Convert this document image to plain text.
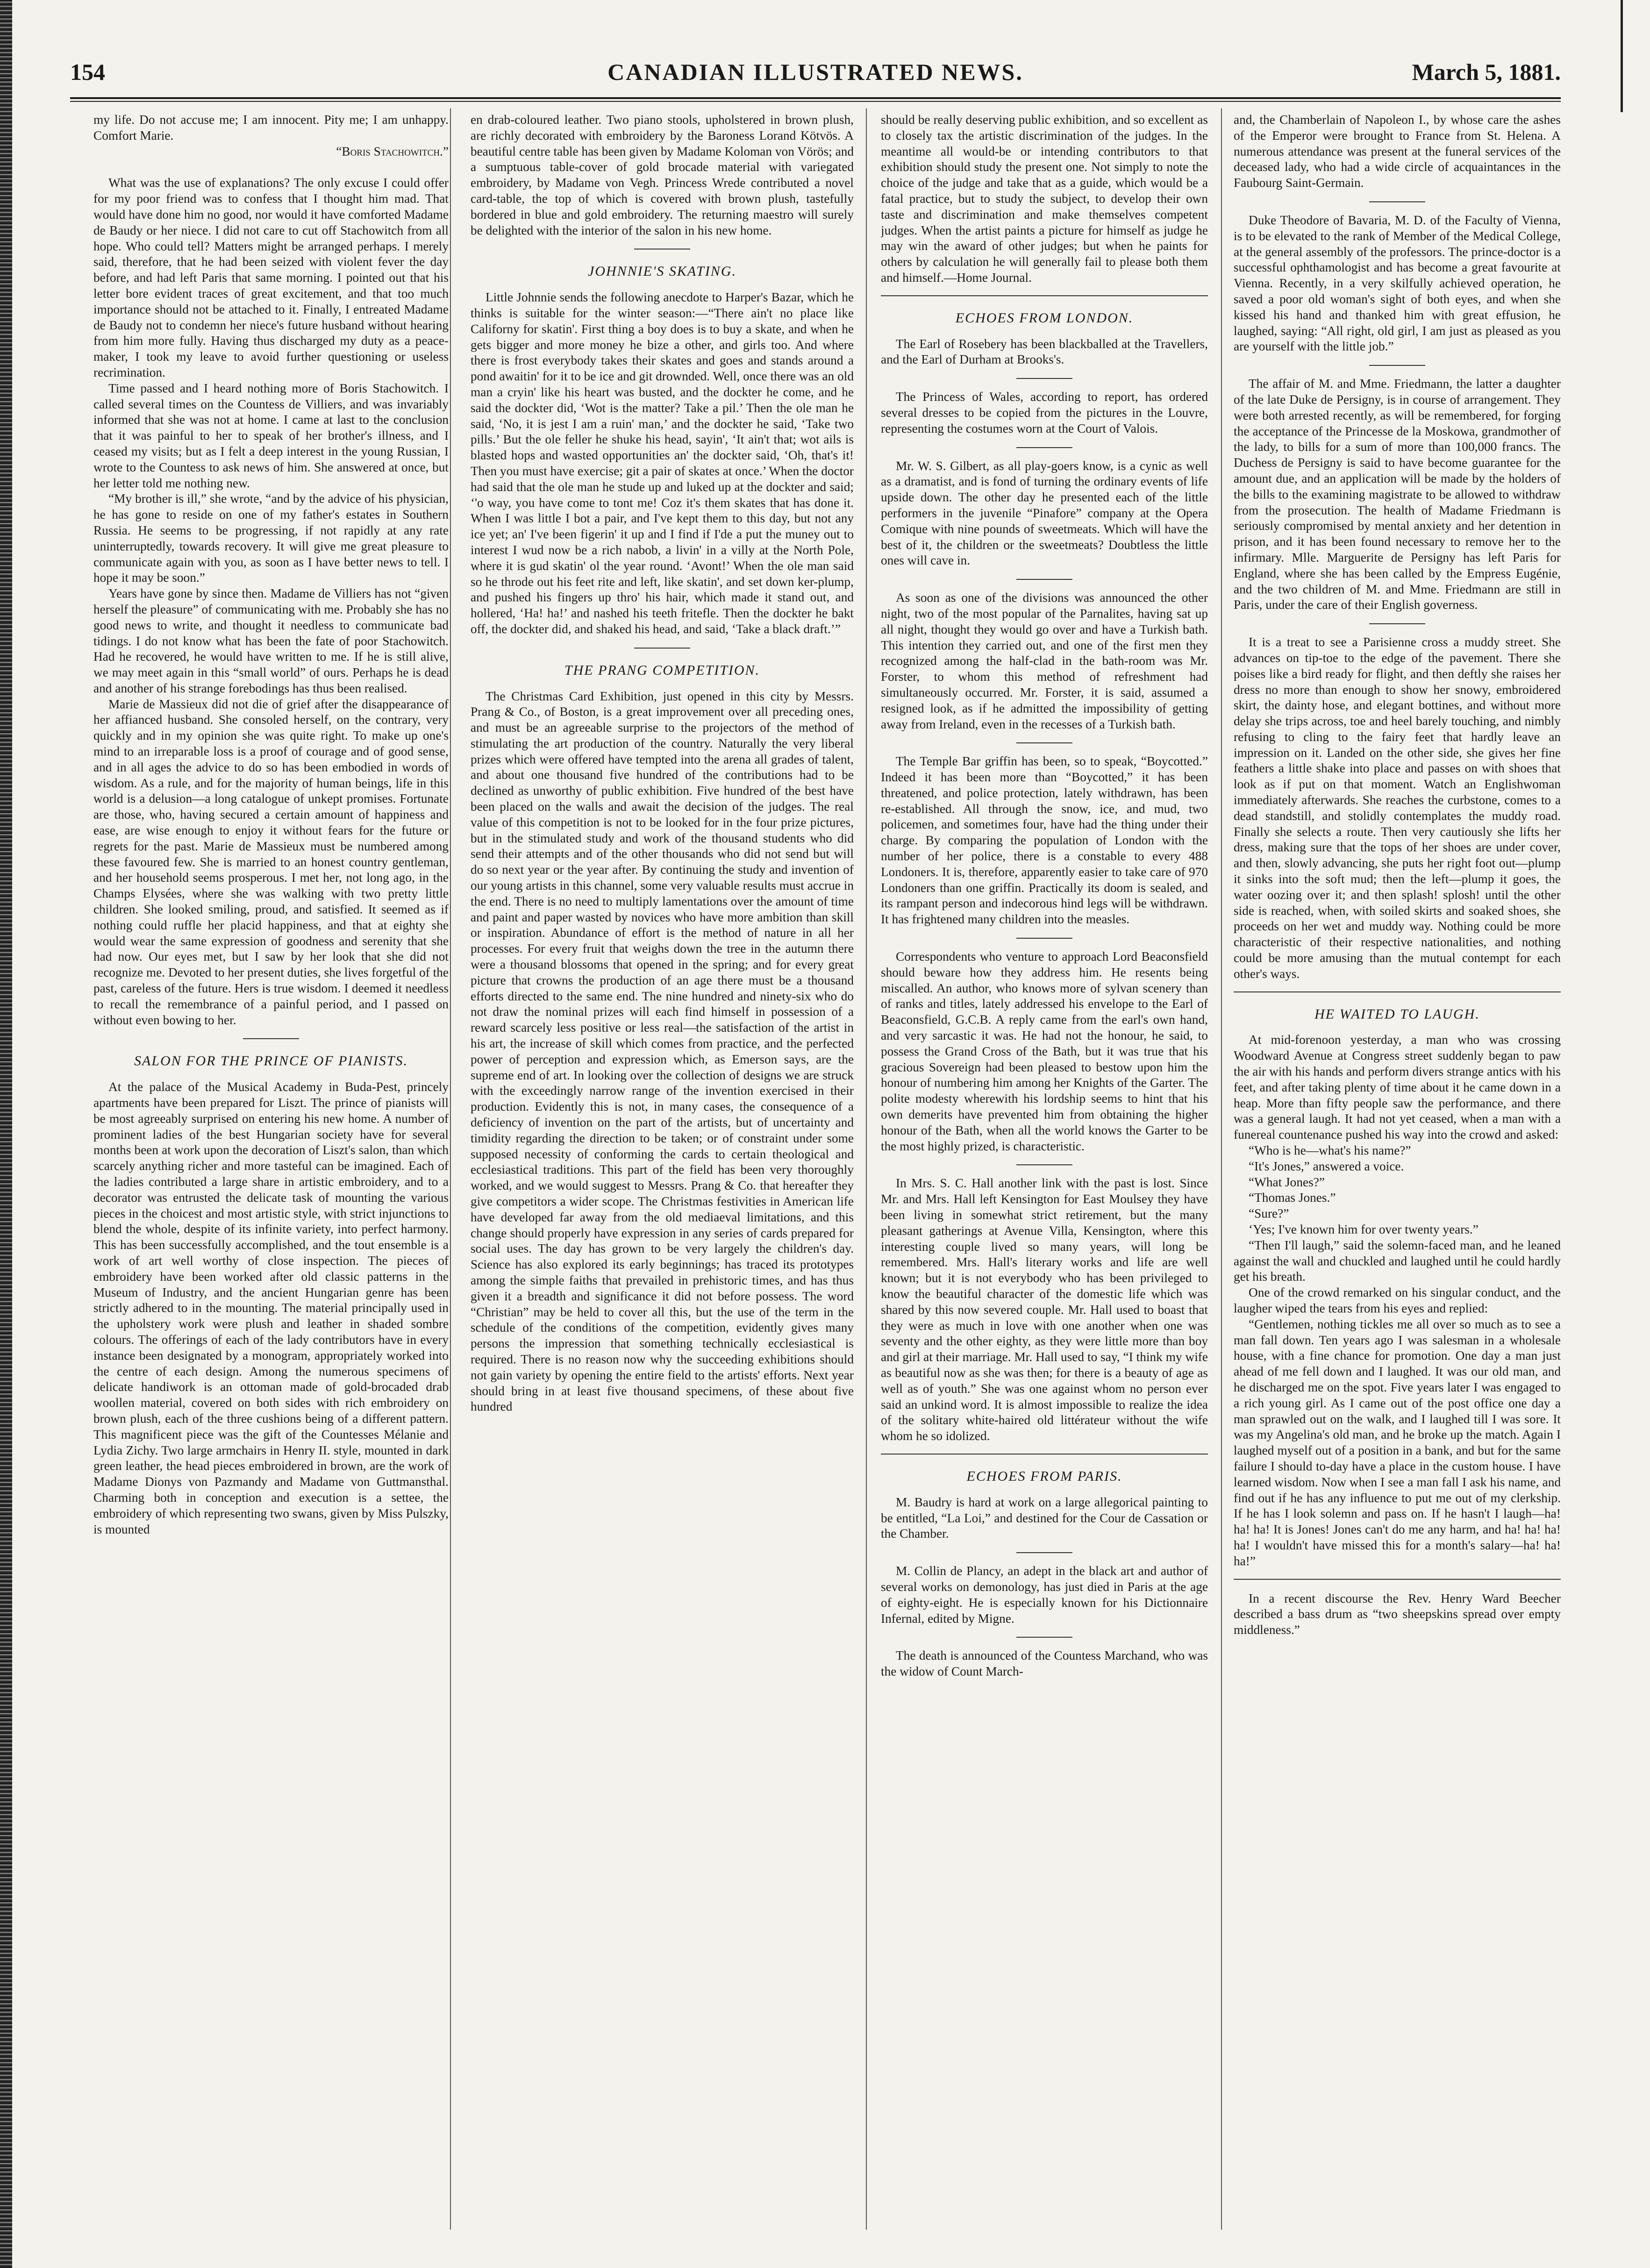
154	CANADIAN ILLUSTRATED NEWS.	March 5, 1881.

my life. Do not accuse me; I am innocent. Pity me; I am unhappy. Comfort Marie.

“Boris Stachowitch.”

What was the use of explanations? The only excuse I could offer for my poor friend was to confess that I thought him mad. That would have done him no good, nor would it have comforted Madame de Baudy or her niece. I did not care to cut off Stachowitch from all hope. Who could tell? Matters might be arranged perhaps. I merely said, therefore, that he had been seized with violent fever the day before, and had left Paris that same morning. I pointed out that his letter bore evident traces of great excitement, and that too much importance should not be attached to it. Finally, I entreated Madame de Baudy not to condemn her niece's future husband without hearing from him more fully. Having thus discharged my duty as a peace-maker, I took my leave to avoid further questioning or useless recrimination.

Time passed and I heard nothing more of Boris Stachowitch. I called several times on the Countess de Villiers, and was invariably informed that she was not at home. I came at last to the conclusion that it was painful to her to speak of her brother's illness, and I ceased my visits; but as I felt a deep interest in the young Russian, I wrote to the Countess to ask news of him. She answered at once, but her letter told me nothing new.

“My brother is ill,” she wrote, “and by the advice of his physician, he has gone to reside on one of my father's estates in Southern Russia. He seems to be progressing, if not rapidly at any rate uninterruptedly, towards recovery. It will give me great pleasure to communicate again with you, as soon as I have better news to tell. I hope it may be soon.”

Years have gone by since then. Madame de Villiers has not “given herself the pleasure” of communicating with me. Probably she has no good news to write, and thought it needless to communicate bad tidings. I do not know what has been the fate of poor Stachowitch. Had he recovered, he would have written to me. If he is still alive, we may meet again in this “small world” of ours. Perhaps he is dead and another of his strange forebodings has thus been realised.

Marie de Massieux did not die of grief after the disappearance of her affianced husband. She consoled herself, on the contrary, very quickly and in my opinion she was quite right. To make up one's mind to an irreparable loss is a proof of courage and of good sense, and in all ages the advice to do so has been embodied in words of wisdom. As a rule, and for the majority of human beings, life in this world is a delusion—a long catalogue of unkept promises. Fortunate are those, who, having secured a certain amount of happiness and ease, are wise enough to enjoy it without fears for the future or regrets for the past. Marie de Massieux must be numbered among these favoured few. She is married to an honest country gentleman, and her household seems prosperous. I met her, not long ago, in the Champs Elysées, where she was walking with two pretty little children. She looked smiling, proud, and satisfied. It seemed as if nothing could ruffle her placid happiness, and that at eighty she would wear the same expression of goodness and serenity that she had now. Our eyes met, but I saw by her look that she did not recognize me. Devoted to her present duties, she lives forgetful of the past, careless of the future. Hers is true wisdom. I deemed it needless to recall the remembrance of a painful period, and I passed on without even bowing to her.

SALON FOR THE PRINCE OF PIANISTS.

At the palace of the Musical Academy in Buda-Pest, princely apartments have been prepared for Liszt. The prince of pianists will be most agreeably surprised on entering his new home. A number of prominent ladies of the best Hungarian society have for several months been at work upon the decoration of Liszt's salon, than which scarcely anything richer and more tasteful can be imagined. Each of the ladies contributed a large share in artistic embroidery, and to a decorator was entrusted the delicate task of mounting the various pieces in the choicest and most artistic style, with strict injunctions to blend the whole, despite of its infinite variety, into perfect harmony. This has been successfully accomplished, and the tout ensemble is a work of art well worthy of close inspection. The pieces of embroidery have been worked after old classic patterns in the Museum of Industry, and the ancient Hungarian genre has been strictly adhered to in the mounting. The material principally used in the upholstery work were plush and leather in shaded sombre colours. The offerings of each of the lady contributors have in every instance been designated by a monogram, appropriately worked into the centre of each design. Among the numerous specimens of delicate handiwork is an ottoman made of gold-brocaded drab woollen material, covered on both sides with rich embroidery on brown plush, each of the three cushions being of a different pattern. This magnificent piece was the gift of the Countesses Mélanie and Lydia Zichy. Two large armchairs in Henry II. style, mounted in dark green leather, the head pieces embroidered in brown, are the work of Madame Dionys von Pazmandy and Madame von Guttmansthal. Charming both in conception and execution is a settee, the embroidery of which representing two swans, given by Miss Pulszky, is mounted

en drab-coloured leather. Two piano stools, upholstered in brown plush, are richly decorated with embroidery by the Baroness Lorand Kötvös. A beautiful centre table has been given by Madame Koloman von Vörös; and a sumptuous table-cover of gold brocade material with variegated embroidery, by Madame von Vegh. Princess Wrede contributed a novel card-table, the top of which is covered with brown plush, tastefully bordered in blue and gold embroidery. The returning maestro will surely be delighted with the interior of the salon in his new home.

JOHNNIE'S SKATING.

Little Johnnie sends the following anecdote to Harper's Bazar, which he thinks is suitable for the winter season:—“There ain't no place like Californy for skatin'. First thing a boy does is to buy a skate, and when he gets bigger and more money he bize a other, and girls too. And where there is frost everybody takes their skates and goes and stands around a pond awaitin' for it to be ice and git drownded. Well, once there was an old man a cryin' like his heart was busted, and the dockter he come, and he said the dockter did, ‘Wot is the matter? Take a pil.’ Then the ole man he said, ‘No, it is jest I am a ruin' man,’ and the dockter he said, ‘Take two pills.’ But the ole feller he shuke his head, sayin', ‘It ain't that; wot ails is blasted hops and wasted opportunities an' the dockter said, ‘Oh, that's it! Then you must have exercise; git a pair of skates at once.’ When the doctor had said that the ole man he stude up and luked up at the dockter and said; ‘'o way, you have come to tont me! Coz it's them skates that has done it. When I was little I bot a pair, and I've kept them to this day, but not any ice yet; an' I've been figerin' it up and I find if I'de a put the muney out to interest I wud now be a rich nabob, a livin' in a villy at the North Pole, where it is gud skatin' ol the year round. ‘Avont!’ When the ole man said so he throde out his feet rite and left, like skatin', and set down ker-plump, and pushed his fingers up thro' his hair, which made it stand out, and hollered, ‘Ha! ha!’ and nashed his teeth fritefle. Then the dockter he bakt off, the dockter did, and shaked his head, and said, ‘Take a black draft.’”

THE PRANG COMPETITION.

The Christmas Card Exhibition, just opened in this city by Messrs. Prang & Co., of Boston, is a great improvement over all preceding ones, and must be an agreeable surprise to the projectors of the method of stimulating the art production of the country. Naturally the very liberal prizes which were offered have tempted into the arena all grades of talent, and about one thousand five hundred of the contributions had to be declined as unworthy of public exhibition. Five hundred of the best have been placed on the walls and await the decision of the judges. The real value of this competition is not to be looked for in the four prize pictures, but in the stimulated study and work of the thousand students who did send their attempts and of the other thousands who did not send but will do so next year or the year after. By continuing the study and invention of our young artists in this channel, some very valuable results must accrue in the end. There is no need to multiply lamentations over the amount of time and paint and paper wasted by novices who have more ambition than skill or inspiration. Abundance of effort is the method of nature in all her processes. For every fruit that weighs down the tree in the autumn there were a thousand blossoms that opened in the spring; and for every great picture that crowns the production of an age there must be a thousand efforts directed to the same end. The nine hundred and ninety-six who do not draw the nominal prizes will each find himself in possession of a reward scarcely less positive or less real—the satisfaction of the artist in his art, the increase of skill which comes from practice, and the perfected power of perception and expression which, as Emerson says, are the supreme end of art. In looking over the collection of designs we are struck with the exceedingly narrow range of the invention exercised in their production. Evidently this is not, in many cases, the consequence of a deficiency of invention on the part of the artists, but of uncertainty and timidity regarding the direction to be taken; or of constraint under some supposed necessity of conforming the cards to certain theological and ecclesiastical traditions. This part of the field has been very thoroughly worked, and we would suggest to Messrs. Prang & Co. that hereafter they give competitors a wider scope. The Christmas festivities in American life have developed far away from the old mediaeval limitations, and this change should properly have expression in any series of cards prepared for social uses. The day has grown to be very largely the children's day. Science has also explored its early beginnings; has traced its prototypes among the simple faiths that prevailed in prehistoric times, and has thus given it a breadth and significance it did not before possess. The word “Christian” may be held to cover all this, but the use of the term in the schedule of the conditions of the competition, evidently gives many persons the impression that something technically ecclesiastical is required. There is no reason now why the succeeding exhibitions should not gain variety by opening the entire field to the artists' efforts. Next year should bring in at least five thousand specimens, of these about five hundred

should be really deserving public exhibition, and so excellent as to closely tax the artistic discrimination of the judges. In the meantime all would-be or intending contributors to that exhibition should study the present one. Not simply to note the choice of the judge and take that as a guide, which would be a fatal practice, but to study the subject, to develop their own taste and discrimination and make themselves competent judges. When the artist paints a picture for himself as judge he may win the award of other judges; but when he paints for others by calculation he will generally fail to please both them and himself.—Home Journal.

ECHOES FROM LONDON.

The Earl of Rosebery has been blackballed at the Travellers, and the Earl of Durham at Brooks's.

The Princess of Wales, according to report, has ordered several dresses to be copied from the pictures in the Louvre, representing the costumes worn at the Court of Valois.

Mr. W. S. Gilbert, as all play-goers know, is a cynic as well as a dramatist, and is fond of turning the ordinary events of life upside down. The other day he presented each of the little performers in the juvenile “Pinafore” company at the Opera Comique with nine pounds of sweetmeats. Which will have the best of it, the children or the sweetmeats? Doubtless the little ones will cave in.

As soon as one of the divisions was announced the other night, two of the most popular of the Parnalites, having sat up all night, thought they would go over and have a Turkish bath. This intention they carried out, and one of the first men they recognized among the half-clad in the bath-room was Mr. Forster, to whom this method of refreshment had simultaneously occurred. Mr. Forster, it is said, assumed a resigned look, as if he admitted the impossibility of getting away from Ireland, even in the recesses of a Turkish bath.

The Temple Bar griffin has been, so to speak, “Boycotted.” Indeed it has been more than “Boycotted,” it has been threatened, and police protection, lately withdrawn, has been re-established. All through the snow, ice, and mud, two policemen, and sometimes four, have had the thing under their charge. By comparing the population of London with the number of her police, there is a constable to every 488 Londoners. It is, therefore, apparently easier to take care of 970 Londoners than one griffin. Practically its doom is sealed, and its rampant person and indecorous hind legs will be withdrawn. It has frightened many children into the measles.

Correspondents who venture to approach Lord Beaconsfield should beware how they address him. He resents being miscalled. An author, who knows more of sylvan scenery than of ranks and titles, lately addressed his envelope to the Earl of Beaconsfield, G.C.B. A reply came from the earl's own hand, and very sarcastic it was. He had not the honour, he said, to possess the Grand Cross of the Bath, but it was true that his gracious Sovereign had been pleased to bestow upon him the honour of numbering him among her Knights of the Garter. The polite modesty wherewith his lordship seems to hint that his own demerits have prevented him from obtaining the higher honour of the Bath, when all the world knows the Garter to be the most highly prized, is characteristic.

In Mrs. S. C. Hall another link with the past is lost. Since Mr. and Mrs. Hall left Kensington for East Moulsey they have been living in somewhat strict retirement, but the many pleasant gatherings at Avenue Villa, Kensington, where this interesting couple lived so many years, will long be remembered. Mrs. Hall's literary works and life are well known; but it is not everybody who has been privileged to know the beautiful character of the domestic life which was shared by this now severed couple. Mr. Hall used to boast that they were as much in love with one another when one was seventy and the other eighty, as they were little more than boy and girl at their marriage. Mr. Hall used to say, “I think my wife as beautiful now as she was then; for there is a beauty of age as well as of youth.” She was one against whom no person ever said an unkind word. It is almost impossible to realize the idea of the solitary white-haired old littérateur without the wife whom he so idolized.

ECHOES FROM PARIS.

M. Baudry is hard at work on a large allegorical painting to be entitled, “La Loi,” and destined for the Cour de Cassation or the Chamber.

M. Collin de Plancy, an adept in the black art and author of several works on demonology, has just died in Paris at the age of eighty-eight. He is especially known for his Dictionnaire Infernal, edited by Migne.

The death is announced of the Countess Marchand, who was the widow of Count March-

and, the Chamberlain of Napoleon I., by whose care the ashes of the Emperor were brought to France from St. Helena. A numerous attendance was present at the funeral services of the deceased lady, who had a wide circle of acquaintances in the Faubourg Saint-Germain.

Duke Theodore of Bavaria, M. D. of the Faculty of Vienna, is to be elevated to the rank of Member of the Medical College, at the general assembly of the professors. The prince-doctor is a successful ophthamologist and has become a great favourite at Vienna. Recently, in a very skilfully achieved operation, he saved a poor old woman's sight of both eyes, and when she kissed his hand and thanked him with great effusion, he laughed, saying: “All right, old girl, I am just as pleased as you are yourself with the little job.”

The affair of M. and Mme. Friedmann, the latter a daughter of the late Duke de Persigny, is in course of arrangement. They were both arrested recently, as will be remembered, for forging the acceptance of the Princesse de la Moskowa, grandmother of the lady, to bills for a sum of more than 100,000 francs. The Duchess de Persigny is said to have become guarantee for the amount due, and an application will be made by the holders of the bills to the examining magistrate to be allowed to withdraw from the prosecution. The health of Madame Friedmann is seriously compromised by mental anxiety and her detention in prison, and it has been found necessary to remove her to the infirmary. Mlle. Marguerite de Persigny has left Paris for England, where she has been called by the Empress Eugénie, and the two children of M. and Mme. Friedmann are still in Paris, under the care of their English governess.

It is a treat to see a Parisienne cross a muddy street. She advances on tip-toe to the edge of the pavement. There she poises like a bird ready for flight, and then deftly she raises her dress no more than enough to show her snowy, embroidered skirt, the dainty hose, and elegant bottines, and without more delay she trips across, toe and heel barely touching, and nimbly refusing to cling to the fairy feet that hardly leave an impression on it. Landed on the other side, she gives her fine feathers a little shake into place and passes on with shoes that look as if put on that moment. Watch an Englishwoman immediately afterwards. She reaches the curbstone, comes to a dead standstill, and stolidly contemplates the muddy road. Finally she selects a route. Then very cautiously she lifts her dress, making sure that the tops of her shoes are under cover, and then, slowly advancing, she puts her right foot out—plump it sinks into the soft mud; then the left—plump it goes, the water oozing over it; and then splash! splosh! until the other side is reached, when, with soiled skirts and soaked shoes, she proceeds on her wet and muddy way. Nothing could be more characteristic of their respective nationalities, and nothing could be more amusing than the mutual contempt for each other's ways.

HE WAITED TO LAUGH.

At mid-forenoon yesterday, a man who was crossing Woodward Avenue at Congress street suddenly began to paw the air with his hands and perform divers strange antics with his feet, and after taking plenty of time about it he came down in a heap. More than fifty people saw the performance, and there was a general laugh. It had not yet ceased, when a man with a funereal countenance pushed his way into the crowd and asked:

“Who is he—what's his name?”

“It's Jones,” answered a voice.

“What Jones?”

“Thomas Jones.”

“Sure?”

‘Yes; I've known him for over twenty years.”

“Then I'll laugh,” said the solemn-faced man, and he leaned against the wall and chuckled and laughed until he could hardly get his breath.

One of the crowd remarked on his singular conduct, and the laugher wiped the tears from his eyes and replied:

“Gentlemen, nothing tickles me all over so much as to see a man fall down. Ten years ago I was salesman in a wholesale house, with a fine chance for promotion. One day a man just ahead of me fell down and I laughed. It was our old man, and he discharged me on the spot. Five years later I was engaged to a rich young girl. As I came out of the post office one day a man sprawled out on the walk, and I laughed till I was sore. It was my Angelina's old man, and he broke up the match. Again I laughed myself out of a position in a bank, and but for the same failure I should to-day have a place in the custom house. I have learned wisdom. Now when I see a man fall I ask his name, and find out if he has any influence to put me out of my clerkship. If he has I look solemn and pass on. If he hasn't I laugh—ha! ha! ha! It is Jones! Jones can't do me any harm, and ha! ha! ha! ha! I wouldn't have missed this for a month's salary—ha! ha! ha!”

In a recent discourse the Rev. Henry Ward Beecher described a bass drum as “two sheepskins spread over empty middleness.”
